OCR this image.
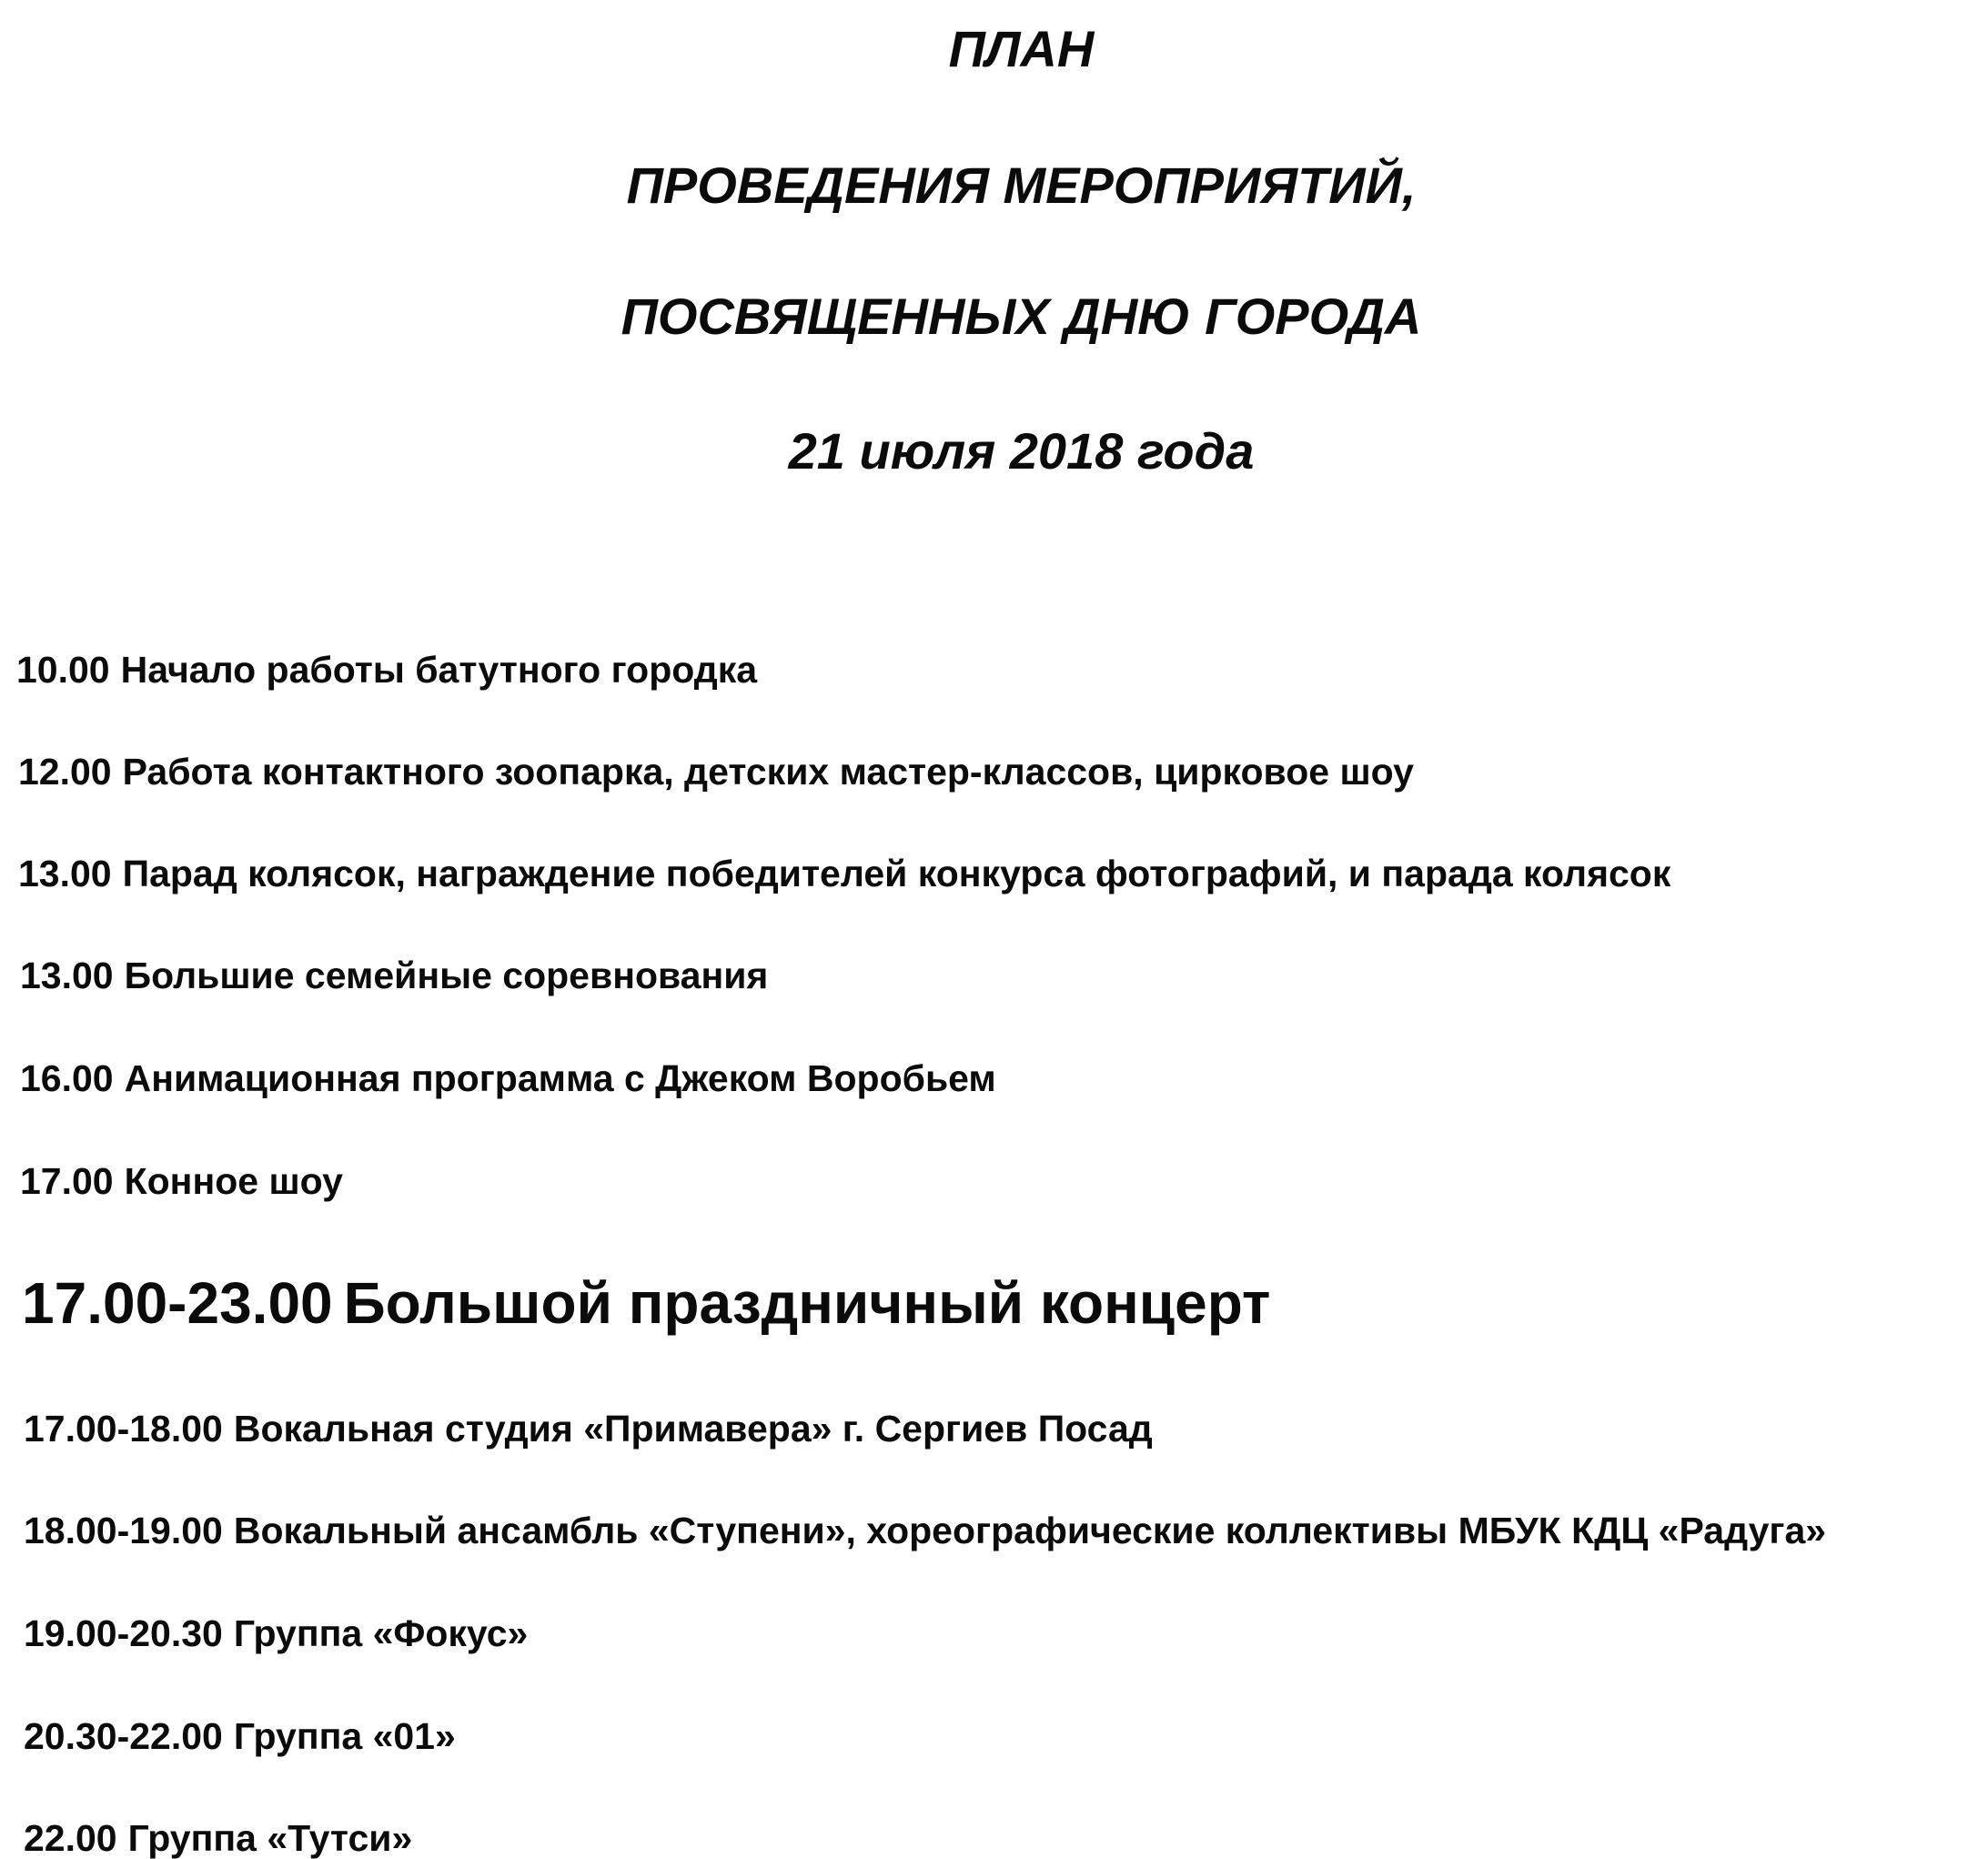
ПЛАН
ПРОВЕДЕНИЯ МЕРОПРИЯТИЙ,
ПОСВЯЩЕННЫХ ДНЮ ГОРОДА
21 июля 2018 года
10.00 Начало работы батутного городка
12.00 Работа контактного зоопарка, детских мастер-классов, цирковое шоу
13.00 Парад колясок, награждение победителей конкурса фотографий, и парада колясок
13.00 Большие семейные соревнования
16.00 Анимационная программа с Джеком Воробьем
17.00 Конное шоу
17.00-23.00 Большой праздничный концерт
17.00-18.00 Вокальная студия «Примавера» г. Сергиев Посад
18.00-19.00 Вокальный ансамбль «Ступени», хореографические коллективы МБУК КДЦ «Радуга»
19.00-20.30 Группа «Фокус»
20.30-22.00 Группа «01»
22.00 Группа «Тутси»
